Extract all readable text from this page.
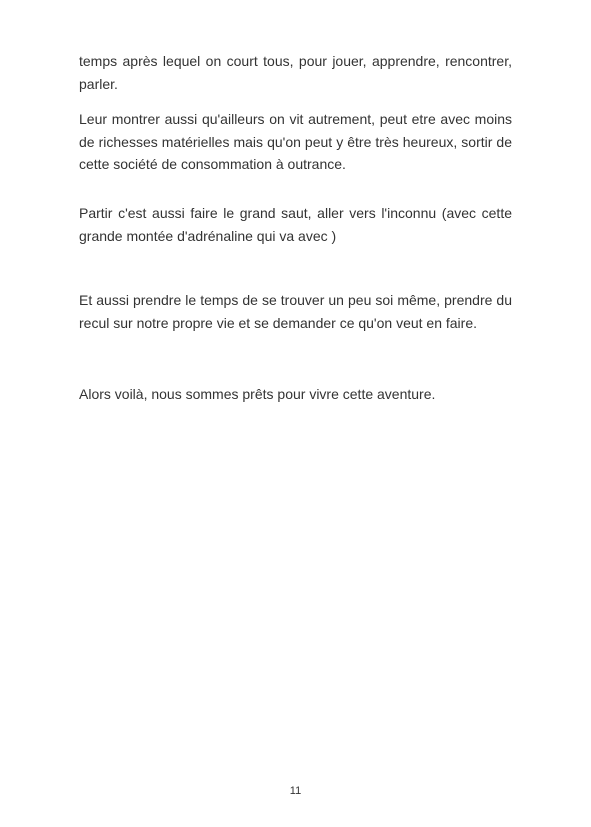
temps après lequel on court tous, pour jouer, apprendre, rencontrer, parler.

Leur montrer aussi qu'ailleurs on vit autrement, peut etre avec moins de richesses matérielles mais qu'on peut y être très heureux, sortir de cette société de consommation à outrance.

Partir c'est aussi faire le grand saut, aller vers l'inconnu (avec cette grande montée d'adrénaline qui va avec )

Et aussi prendre le temps de se trouver un peu soi même, prendre du recul sur notre propre vie et se demander ce qu'on veut en faire.

Alors voilà, nous sommes prêts pour vivre cette aventure.

11
